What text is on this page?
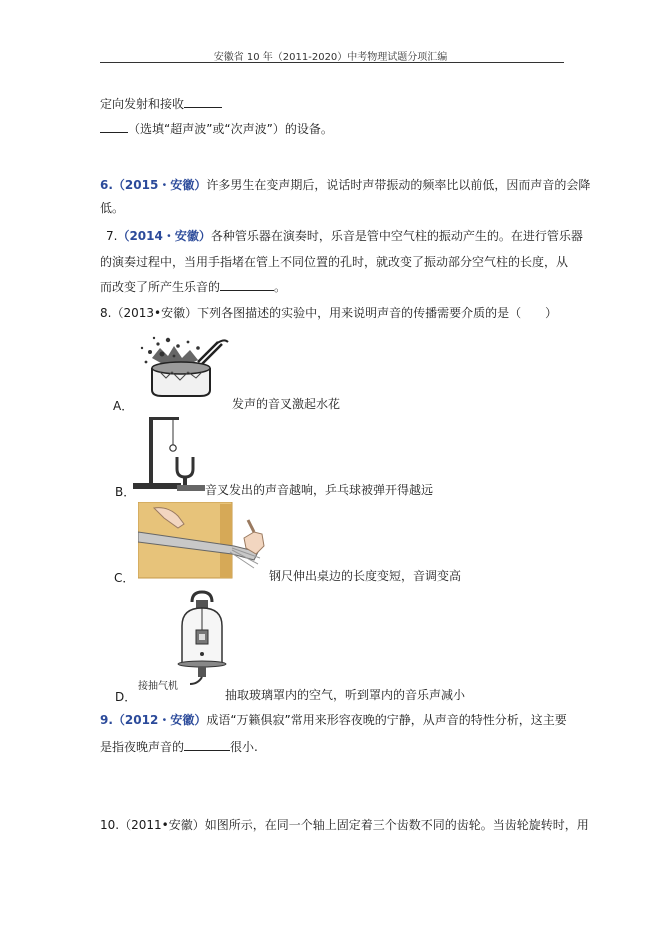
安徽省 10 年（2011-2020）中考物理试题分项汇编
定向发射和接收
（选填“超声波”或“次声波”）的设备。
6.（2015・安徽）许多男生在变声期后，说话时声带振动的频率比以前低，因而声音的会降
低。
7.（2014・安徽）各种管乐器在演奏时，乐音是管中空气柱的振动产生的。在进行管乐器
的演奏过程中，当用手指堵在管上不同位置的孔时，就改变了振动部分空气柱的长度，从
而改变了所产生乐音的	。
8.（2013•安徽）下列各图描述的实验中，用来说明声音的传播需要介质的是（　　）
A．	发声的音叉激起水花
B．	音叉发出的声音越响，乒乓球被弹开得越远
C．	钢尺伸出桌边的长度变短，音调变高
接抽气机
D．	抽取玻璃罩内的空气，听到罩内的音乐声减小
9.（2012・安徽）成语“万籁俱寂”常用来形容夜晚的宁静，从声音的特性分析，这主要
是指夜晚声音的	很小.
10.（2011•安徽）如图所示，在同一个轴上固定着三个齿数不同的齿轮。当齿轮旋转时，用
